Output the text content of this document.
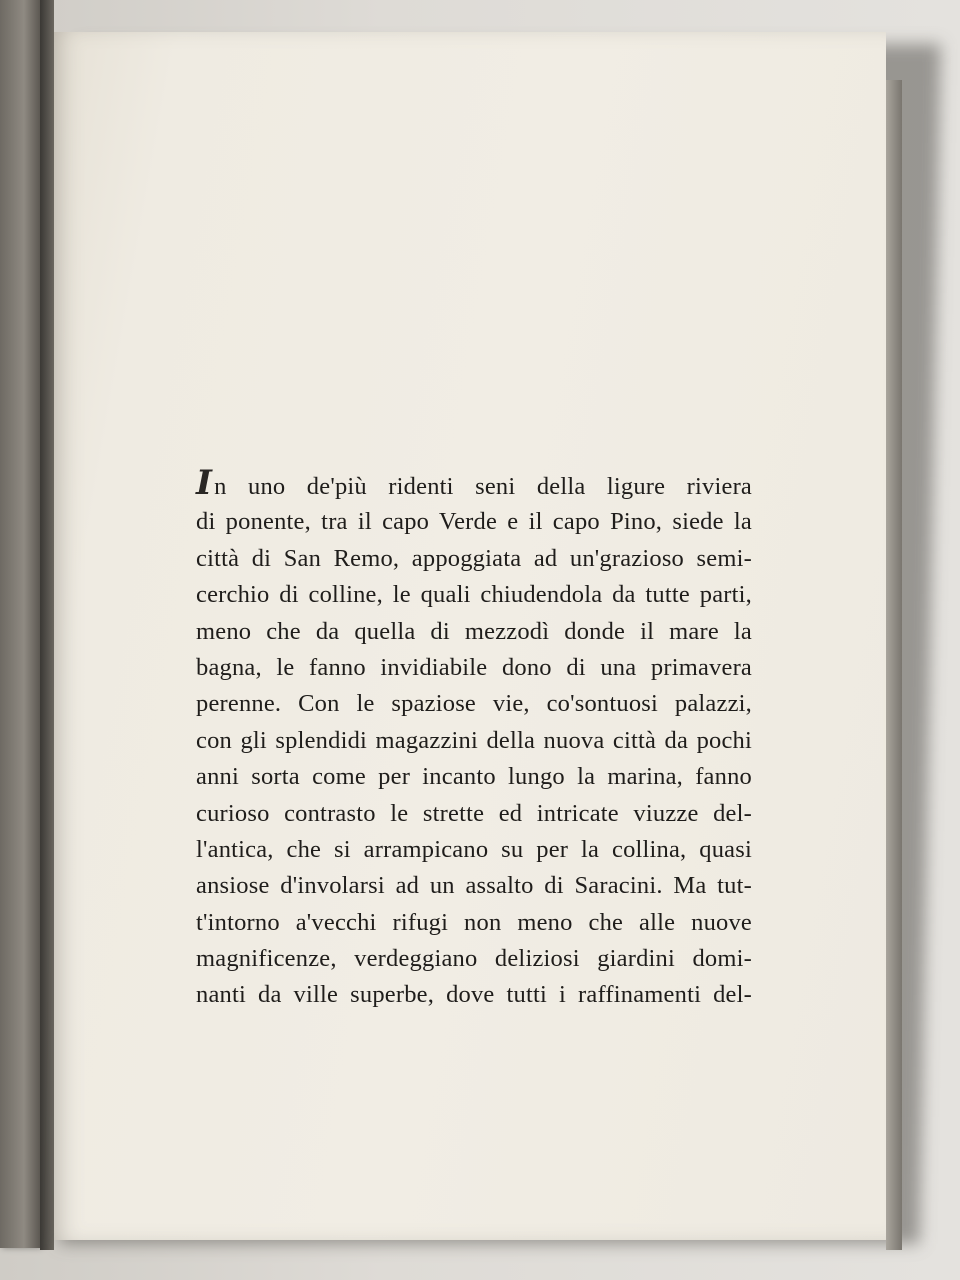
I n uno de'più ridenti seni della ligure riviera
di ponente, tra il capo Verde e il capo Pino, siede la
città di San Remo, appoggiata ad un'grazioso semi-
cerchio di colline, le quali chiudendola da tutte parti,
meno che da quella di mezzodì donde il mare la
bagna, le fanno invidiabile dono di una primavera
perenne. Con le spaziose vie, co'sontuosi palazzi,
con gli splendidi magazzini della nuova città da pochi
anni sorta come per incanto lungo la marina, fanno
curioso contrasto le strette ed intricate viuzze del-
l'antica, che si arrampicano su per la collina, quasi
ansiose d'involarsi ad un assalto di Saracini. Ma tut-
t'intorno a'vecchi rifugi non meno che alle nuove
magnificenze, verdeggiano deliziosi giardini domi-
nanti da ville superbe, dove tutti i raffinamenti del-
